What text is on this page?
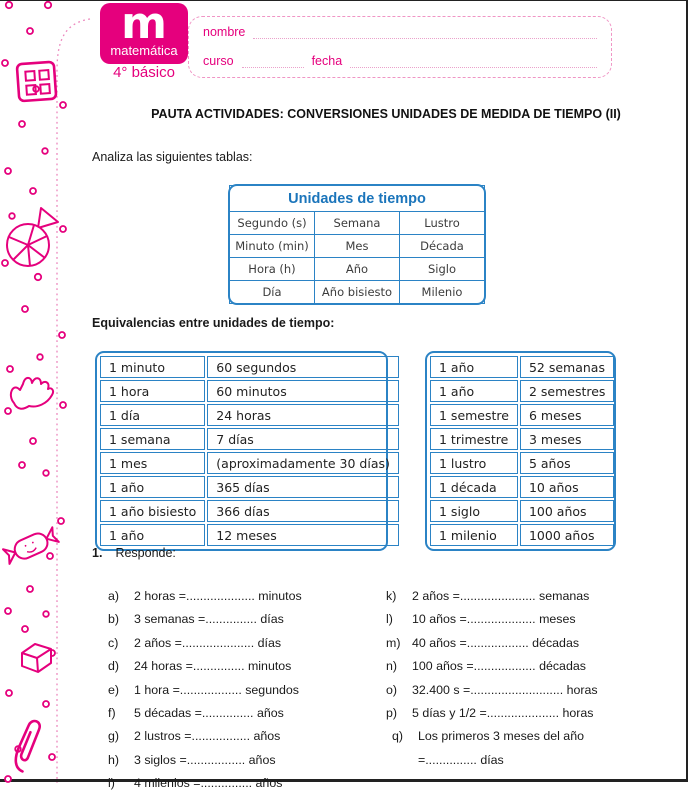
m
matemática
4° básico
nombre
curso	fecha
PAUTA ACTIVIDADES: CONVERSIONES UNIDADES DE MEDIDA DE TIEMPO (II)
Analiza las siguientes tablas:
Unidades de tiempo		
Segundo (s)	Semana	Lustro
Minuto (min)	Mes	Década
Hora (h)	Año	Siglo
Día	Año bisiesto	Milenio
Equivalencias entre unidades de tiempo:
1 minuto	60 segundos
1 hora	60 minutos
1 día	24 horas
1 semana	7 días
1 mes	(aproximadamente 30 días)
1 año	365 días
1 año bisiesto	366 días
1 año	12 meses
1 año	52 semanas
1 año	2 semestres
1 semestre	6 meses
1 trimestre	3 meses
1 lustro	5 años
1 década	10 años
1 siglo	100 años
1 milenio	1000 años
1. Responde:
a)	2 horas =.................... minutos
b)	3 semanas =............... días
c)	2 años =..................... días
d)	24 horas =............... minutos
e)	1 hora =.................. segundos
f)	5 décadas =............... años
g)	2 lustros =................. años
h)	3 siglos =................. años
i)	4 milenios =............... años
k)	2 años =...................... semanas
l)	10 años =.................... meses
m) 40 años =.................. décadas
n)	100 años =.................. décadas
o)	32.400 s =........................... horas
p)	5 días y 1/2 =..................... horas
q)	Los primeros 3 meses del año
=............... días
